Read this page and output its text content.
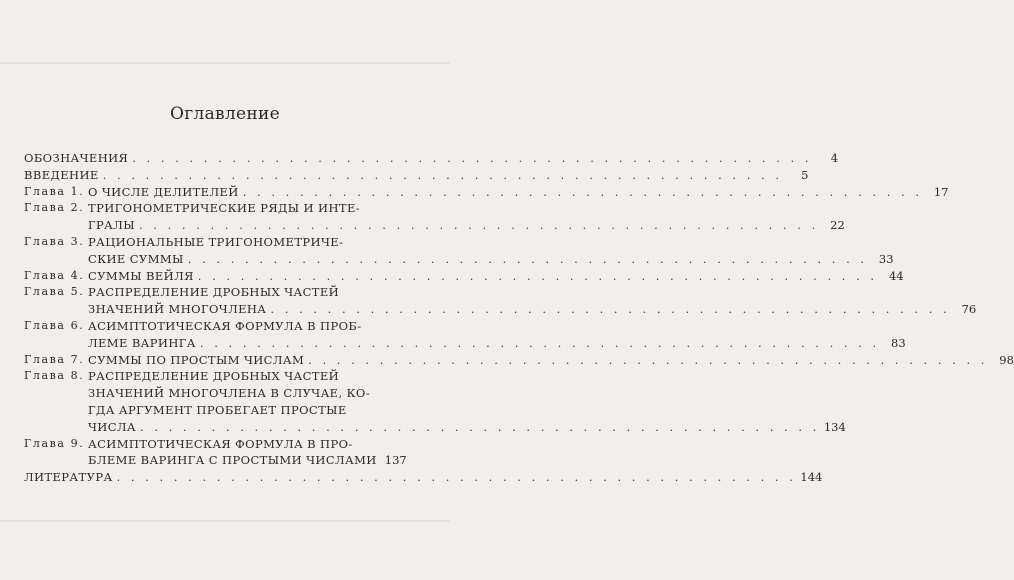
Оглавление
ОБОЗНАЧЕНИЯ . . . . . . . . . . . . . . . . . . . . . . . . . . . . . . . . . . . . . . . . . . . . . . . .	4
ВВЕДЕНИЕ . . . . . . . . . . . . . . . . . . . . . . . . . . . . . . . . . . . . . . . . . . . . . . . .	5
Глава 1. О ЧИСЛЕ ДЕЛИТЕЛЕЙ . . . . . . . . . . . . . . . . . . . . . . . . . . . . . . . . . . . . . . . . . . . . . . . . 17
Глава 2. ТРИГОНОМЕТРИЧЕСКИЕ РЯДЫ И ИНТЕ-
ГРАЛЫ . . . . . . . . . . . . . . . . . . . . . . . . . . . . . . . . . . . . . . . . . . . . . . . . 22
Глава 3. РАЦИОНАЛЬНЫЕ ТРИГОНОМЕТРИЧЕ-
СКИЕ СУММЫ . . . . . . . . . . . . . . . . . . . . . . . . . . . . . . . . . . . . . . . . . . . . . . . . 33
Глава 4. СУММЫ ВЕЙЛЯ . . . . . . . . . . . . . . . . . . . . . . . . . . . . . . . . . . . . . . . . . . . . . . . . 44
Глава 5. РАСПРЕДЕЛЕНИЕ ДРОБНЫХ ЧАСТЕЙ
ЗНАЧЕНИЙ МНОГОЧЛЕНА . . . . . . . . . . . . . . . . . . . . . . . . . . . . . . . . . . . . . . . . . . . . . . . . 76
Глава 6. АСИМПТОТИЧЕСКАЯ ФОРМУЛА В ПРОБ-
ЛЕМЕ ВАРИНГА . . . . . . . . . . . . . . . . . . . . . . . . . . . . . . . . . . . . . . . . . . . . . . . . 83
Глава 7. СУММЫ ПО ПРОСТЫМ ЧИСЛАМ . . . . . . . . . . . . . . . . . . . . . . . . . . . . . . . . . . . . . . . . . . . . . . . . 98
Глава 8. РАСПРЕДЕЛЕНИЕ ДРОБНЫХ ЧАСТЕЙ
ЗНАЧЕНИЙ МНОГОЧЛЕНА В СЛУЧАЕ, КО-
ГДА АРГУМЕНТ ПРОБЕГАЕТ ПРОСТЫЕ
ЧИСЛА . . . . . . . . . . . . . . . . . . . . . . . . . . . . . . . . . . . . . . . . . . . . . . . . 134
Глава 9. АСИМПТОТИЧЕСКАЯ ФОРМУЛА В ПРО-
БЛЕМЕ ВАРИНГА С ПРОСТЫМИ ЧИСЛАМИ 137
ЛИТЕРАТУРА . . . . . . . . . . . . . . . . . . . . . . . . . . . . . . . . . . . . . . . . . . . . . . . . 144
